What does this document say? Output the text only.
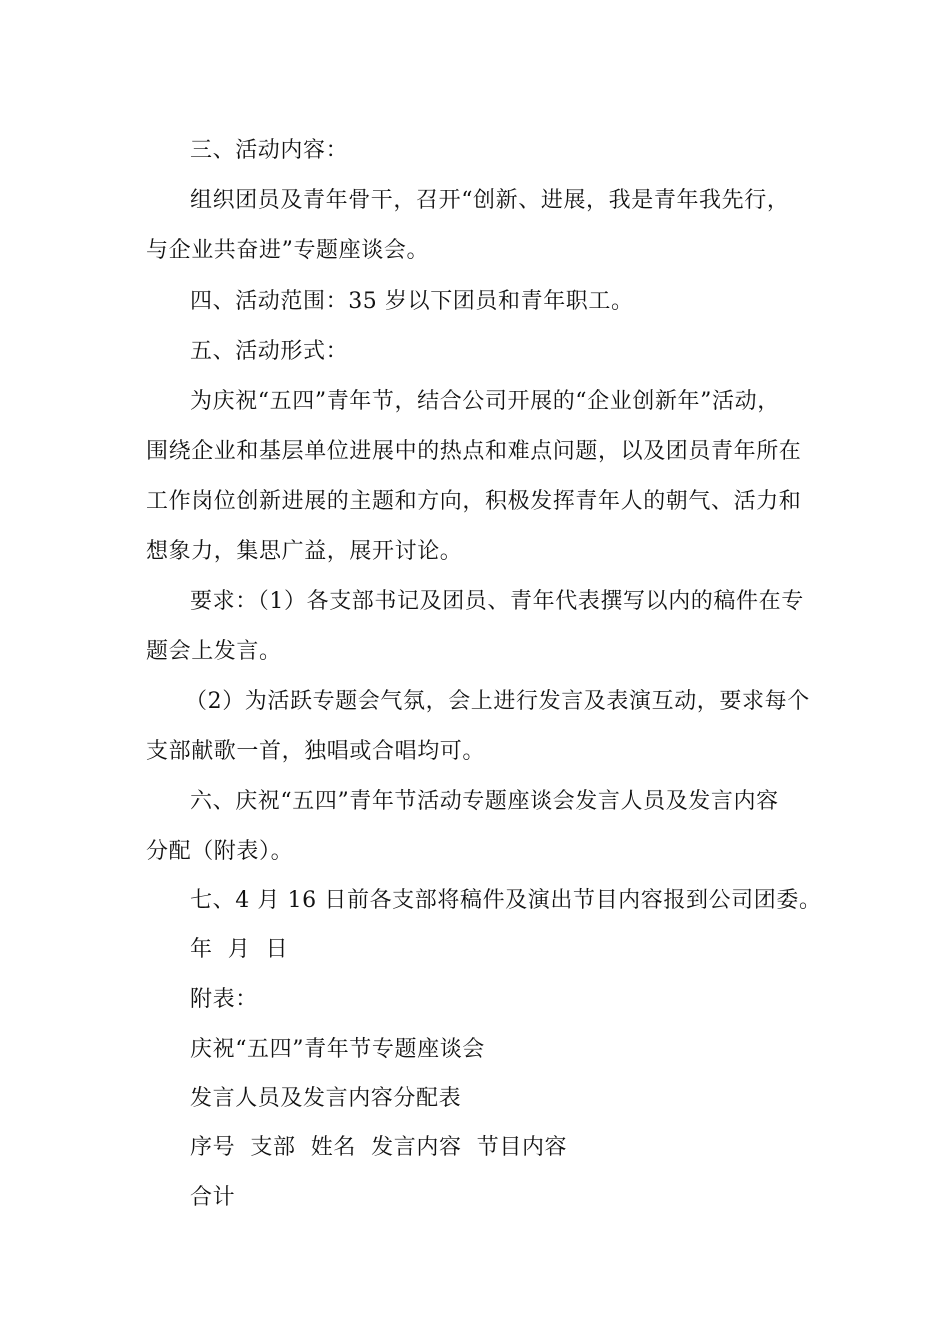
三、活动内容：
组织团员及青年骨干，召开“创新、进展，我是青年我先行，
与企业共奋进”专题座谈会。
四、活动范围：35 岁以下团员和青年职工。
五、活动形式：
为庆祝“五四”青年节，结合公司开展的“企业创新年”活动，
围绕企业和基层单位进展中的热点和难点问题，以及团员青年所在
工作岗位创新进展的主题和方向，积极发挥青年人的朝气、活力和
想象力，集思广益，展开讨论。
要求：（1）各支部书记及团员、青年代表撰写以内的稿件在专
题会上发言。
（2）为活跃专题会气氛，会上进行发言及表演互动，要求每个
支部献歌一首，独唱或合唱均可。
六、庆祝“五四”青年节活动专题座谈会发言人员及发言内容
分配（附表）。
七、4 月 16 日前各支部将稿件及演出节目内容报到公司团委。
年  月  日
附表：
庆祝“五四”青年节专题座谈会
发言人员及发言内容分配表
序号  支部  姓名  发言内容  节目内容
合计
